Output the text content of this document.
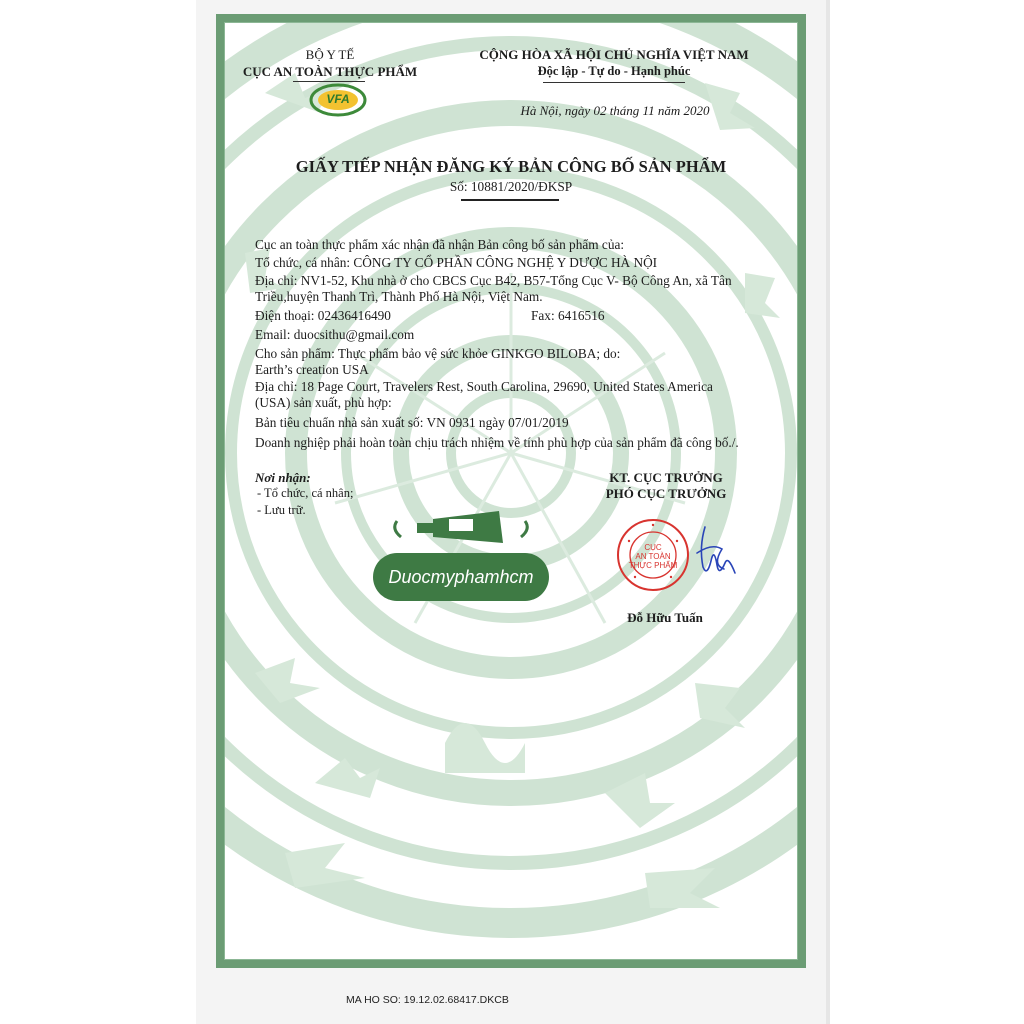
BỘ Y TẾ
CỤC AN TOÀN THỰC PHẨM
VFA
CỘNG HÒA XÃ HỘI CHỦ NGHĨA VIỆT NAM
Độc lập - Tự do - Hạnh phúc
Hà Nội, ngày 02 tháng 11 năm 2020
GIẤY TIẾP NHẬN ĐĂNG KÝ BẢN CÔNG BỐ SẢN PHẨM
Số: 10881/2020/ĐKSP
Cục an toàn thực phẩm xác nhận đã nhận Bản công bố sản phẩm của:
Tổ chức, cá nhân: CÔNG TY CỔ PHẦN CÔNG NGHỆ Y DƯỢC HÀ NỘI
Địa chỉ: NV1-52, Khu nhà ở cho CBCS Cục B42, B57-Tổng Cục V- Bộ Công An, xã Tân
Triều,huyện Thanh Trì, Thành Phố Hà Nội, Việt Nam.
Điện thoại: 02436416490	Fax: 6416516
Email: duocsithu@gmail.com
Cho sản phẩm: Thực phẩm bảo vệ sức khỏe GINKGO BILOBA; do:
Earth’s creation USA
Địa chỉ: 18 Page Court, Travelers Rest, South Carolina, 29690, United States America
(USA) sản xuất, phù hợp:
Bản tiêu chuẩn nhà sản xuất số: VN 0931 ngày 07/01/2019
Doanh nghiệp phải hoàn toàn chịu trách nhiệm về tính phù hợp của sản phẩm đã công bố./.
Nơi nhận:
- Tổ chức, cá nhân;
- Lưu trữ.
KT. CỤC TRƯỞNG
PHÓ CỤC TRƯỞNG
CỤC
AN TOÀN
THỰC PHẨM
Đỗ Hữu Tuấn
Duocmyphamhcm
MA HO SO: 19.12.02.68417.DKCB
